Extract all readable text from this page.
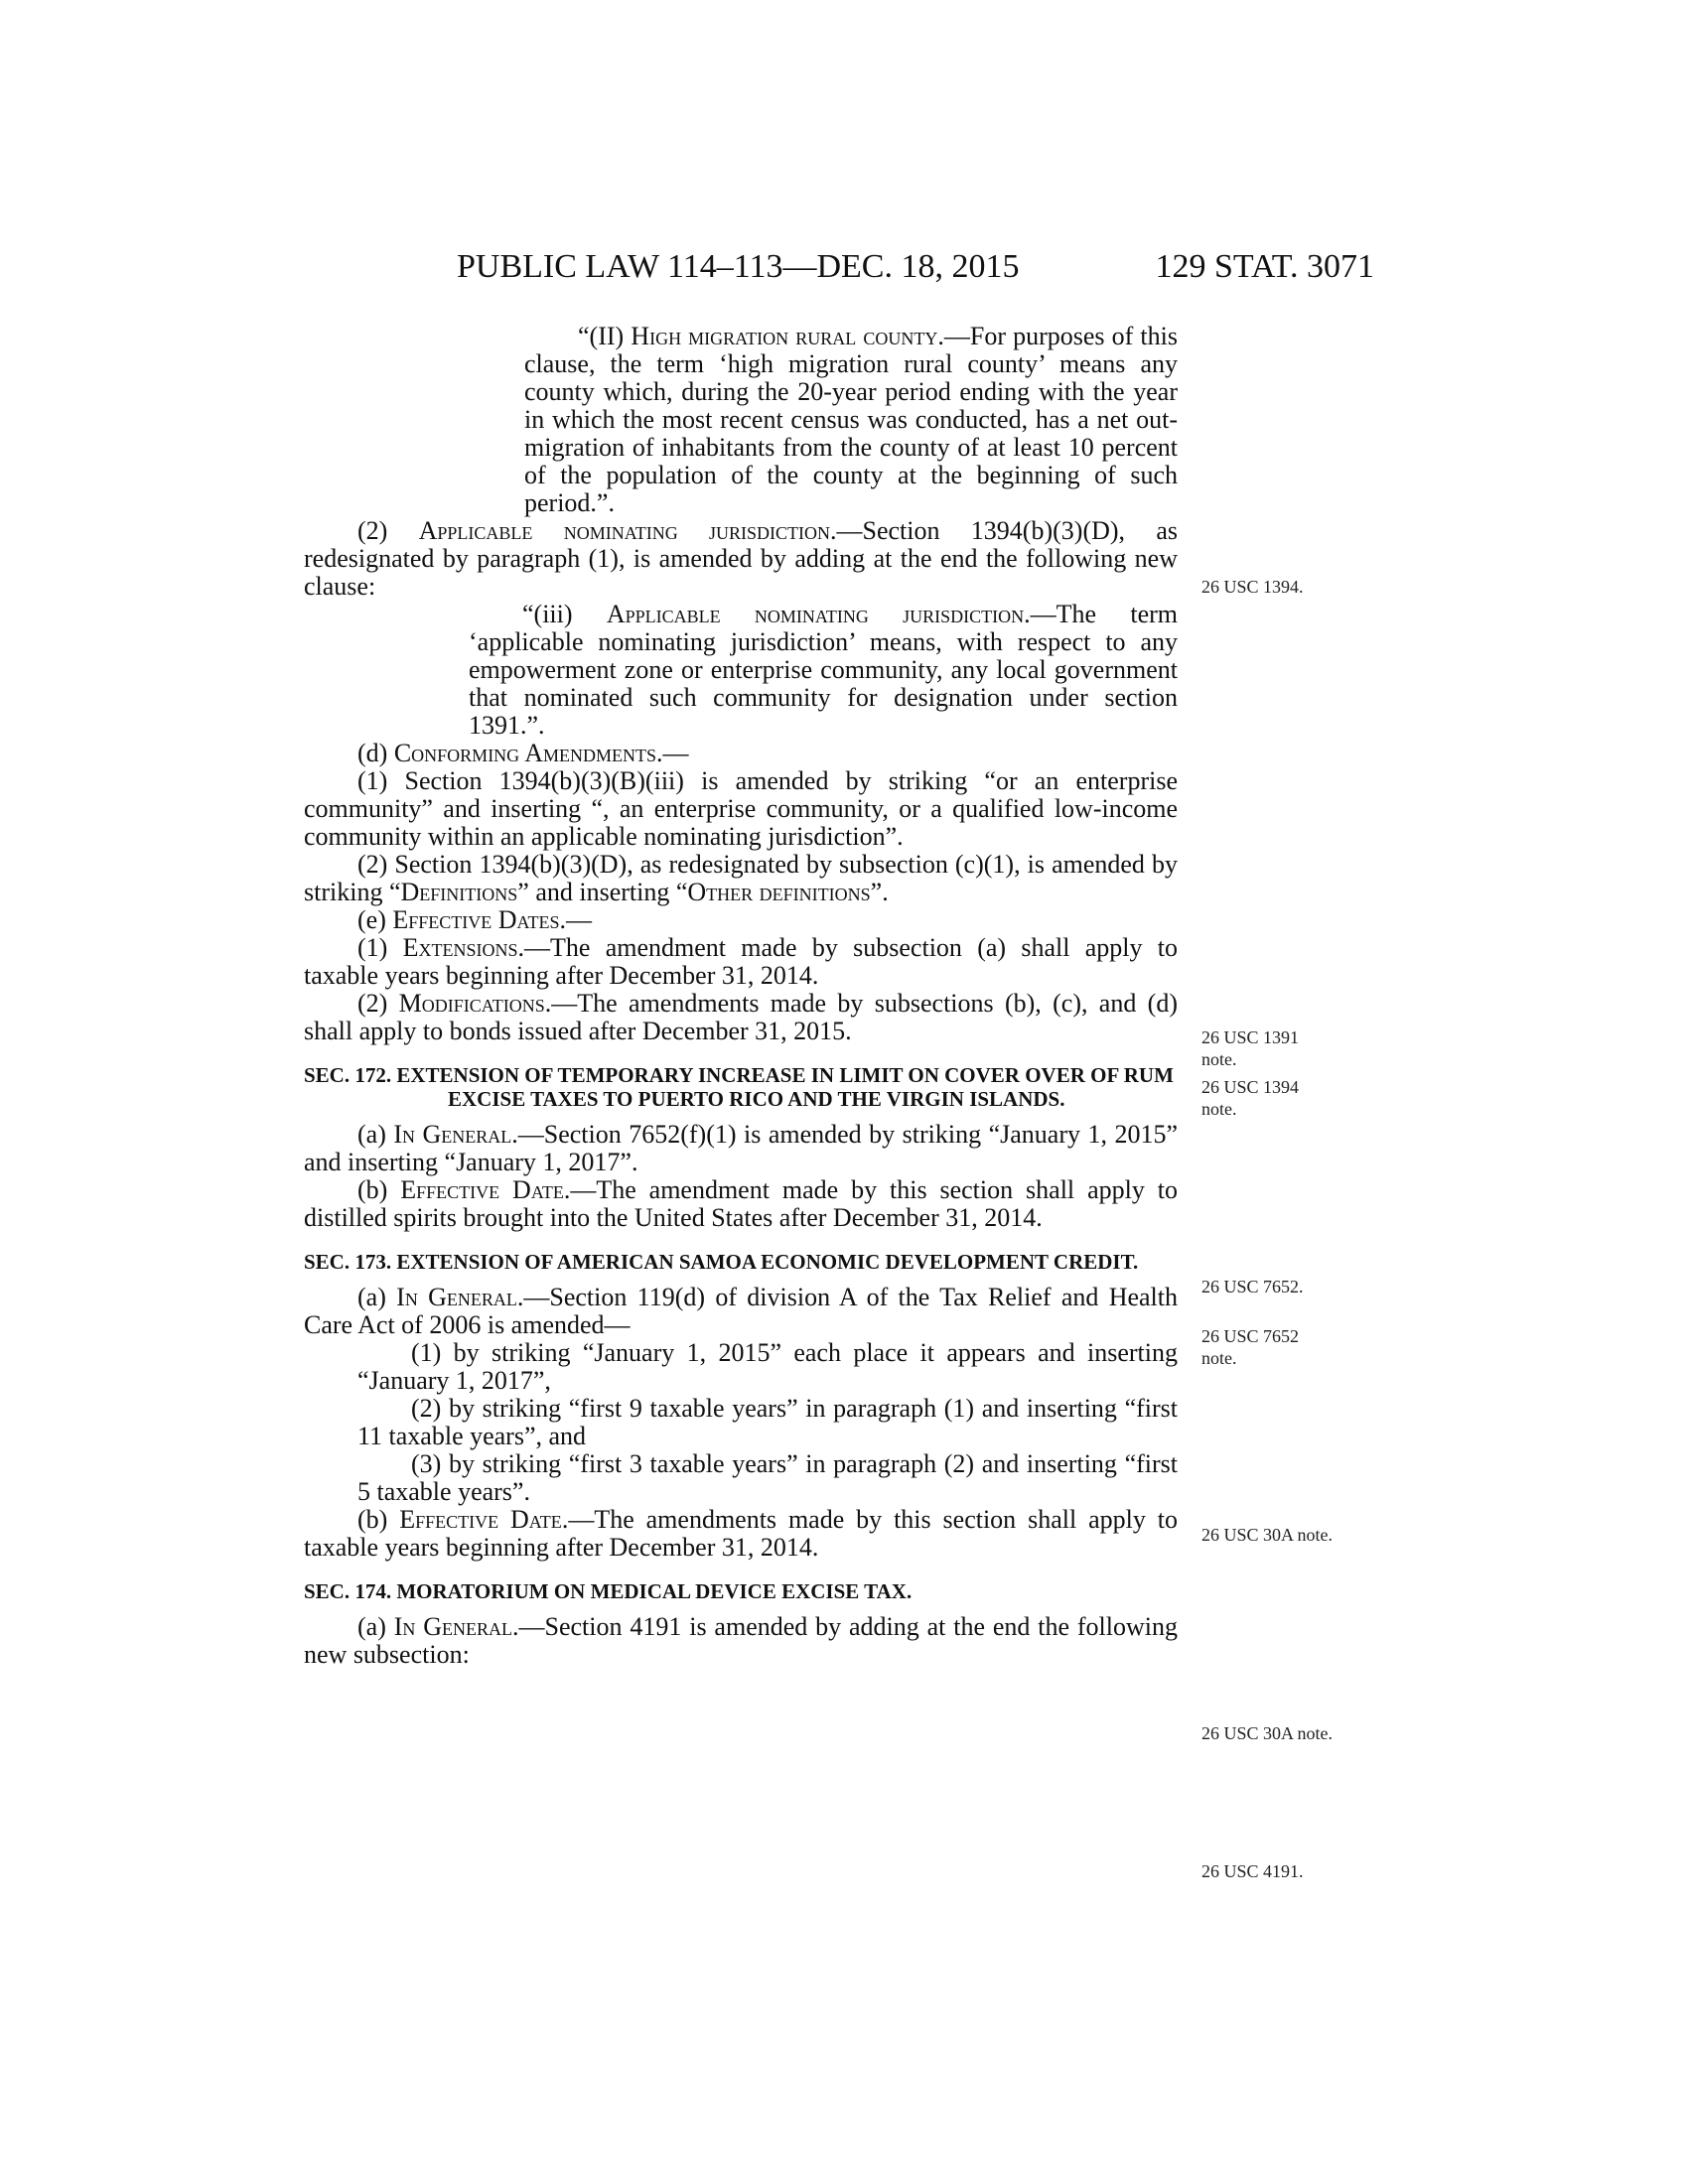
PUBLIC LAW 114–113—DEC. 18, 2015	129 STAT. 3071

“(II) High migration rural county.—For purposes of this clause, the term ‘high migration rural county’ means any county which, during the 20-year period ending with the year in which the most recent census was conducted, has a net out-migration of inhabitants from the county of at least 10 percent of the population of the county at the beginning of such period.”.

(2) Applicable nominating jurisdiction.—Section 1394(b)(3)(D), as redesignated by paragraph (1), is amended by adding at the end the following new clause:

“(iii) Applicable nominating jurisdiction.—The term ‘applicable nominating jurisdiction’ means, with respect to any empowerment zone or enterprise community, any local government that nominated such community for designation under section 1391.”.

(d) Conforming Amendments.—

(1) Section 1394(b)(3)(B)(iii) is amended by striking “or an enterprise community” and inserting “, an enterprise community, or a qualified low-income community within an applicable nominating jurisdiction”.

(2) Section 1394(b)(3)(D), as redesignated by subsection (c)(1), is amended by striking “Definitions” and inserting “Other definitions”.

(e) Effective Dates.—

(1) Extensions.—The amendment made by subsection (a) shall apply to taxable years beginning after December 31, 2014.

(2) Modifications.—The amendments made by subsections (b), (c), and (d) shall apply to bonds issued after December 31, 2015.

SEC. 172. EXTENSION OF TEMPORARY INCREASE IN LIMIT ON COVER OVER OF RUM EXCISE TAXES TO PUERTO RICO AND THE VIRGIN ISLANDS.

(a) In General.—Section 7652(f)(1) is amended by striking “January 1, 2015” and inserting “January 1, 2017”.

(b) Effective Date.—The amendment made by this section shall apply to distilled spirits brought into the United States after December 31, 2014.

SEC. 173. EXTENSION OF AMERICAN SAMOA ECONOMIC DEVELOPMENT CREDIT.

(a) In General.—Section 119(d) of division A of the Tax Relief and Health Care Act of 2006 is amended—

(1) by striking “January 1, 2015” each place it appears and inserting “January 1, 2017”,

(2) by striking “first 9 taxable years” in paragraph (1) and inserting “first 11 taxable years”, and

(3) by striking “first 3 taxable years” in paragraph (2) and inserting “first 5 taxable years”.

(b) Effective Date.—The amendments made by this section shall apply to taxable years beginning after December 31, 2014.

SEC. 174. MORATORIUM ON MEDICAL DEVICE EXCISE TAX.

(a) In General.—Section 4191 is amended by adding at the end the following new subsection:

26 USC 1394.
26 USC 1391
note.
26 USC 1394
note.
26 USC 7652.
26 USC 7652
note.
26 USC 30A note.
26 USC 30A note.
26 USC 4191.
